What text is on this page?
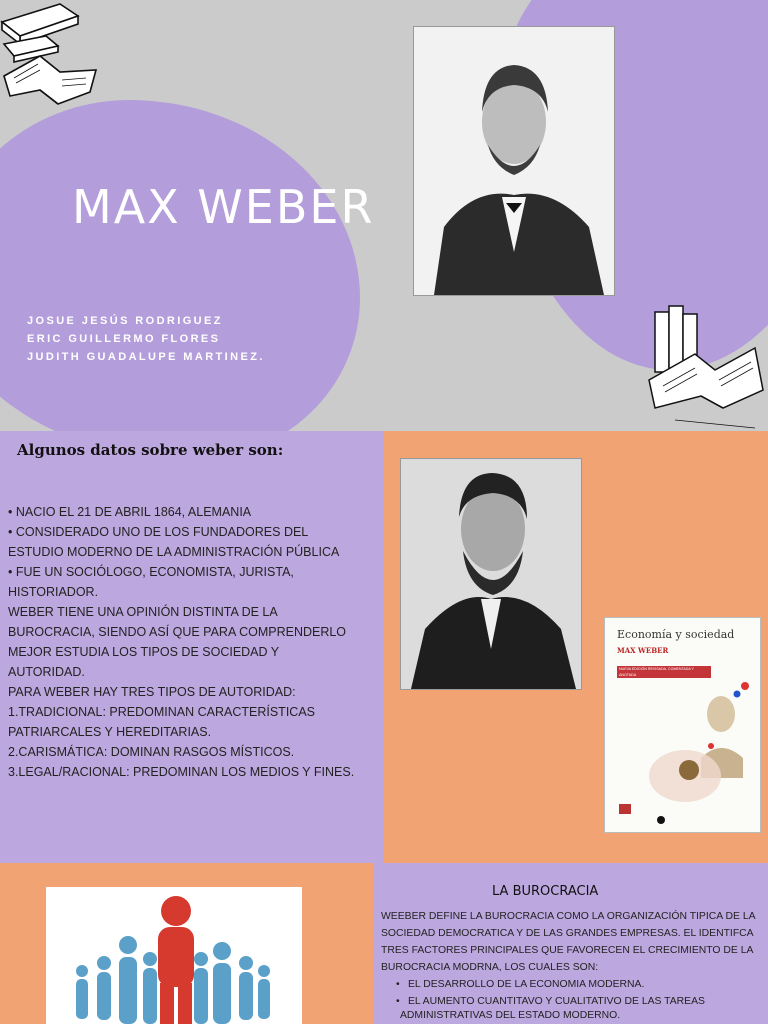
MAX WEBER
JOSUE JESÚS RODRIGUEZ
ERIC GUILLERMO FLORES
JUDITH GUADALUPE MARTINEZ.
Algunos datos sobre weber son:
• NACIO EL 21 DE ABRIL 1864, ALEMANIA
• CONSIDERADO UNO DE LOS FUNDADORES DEL ESTUDIO MODERNO DE LA ADMINISTRACIÓN PÚBLICA
• FUE UN SOCIÓLOGO, ECONOMISTA, JURISTA, HISTORIADOR.
WEBER TIENE UNA OPINIÓN DISTINTA DE LA BUROCRACIA, SIENDO ASÍ QUE PARA COMPRENDERLO MEJOR ESTUDIA LOS TIPOS DE SOCIEDAD Y AUTORIDAD.
PARA WEBER HAY TRES TIPOS DE AUTORIDAD:
1.TRADICIONAL: PREDOMINAN CARACTERÍSTICAS PATRIARCALES Y HEREDITARIAS.
2.CARISMÁTICA: DOMINAN RASGOS MÍSTICOS.
3.LEGAL/RACIONAL: PREDOMINAN LOS MEDIOS Y FINES.
Economía y sociedad
MAX WEBER
NUEVA EDICIÓN REVISADA, COMENTADA Y ANOTADA
LA BUROCRACIA
WEEBER DEFINE LA BUROCRACIA COMO LA ORGANIZACIÓN TIPICA DE LA SOCIEDAD DEMOCRATICA Y DE LAS GRANDES EMPRESAS. EL IDENTIFCA TRES FACTORES PRINCIPALES QUE FAVORECEN EL CRECIMIENTO DE LA BUROCRACIA MODRNA, LOS CUALES SON:
• EL DESARROLLO DE LA ECONOMIA MODERNA.
• EL AUMENTO CUANTITAVO Y CUALITATIVO DE LAS TAREAS
ADMINISTRATIVAS DEL ESTADO MODERNO.
